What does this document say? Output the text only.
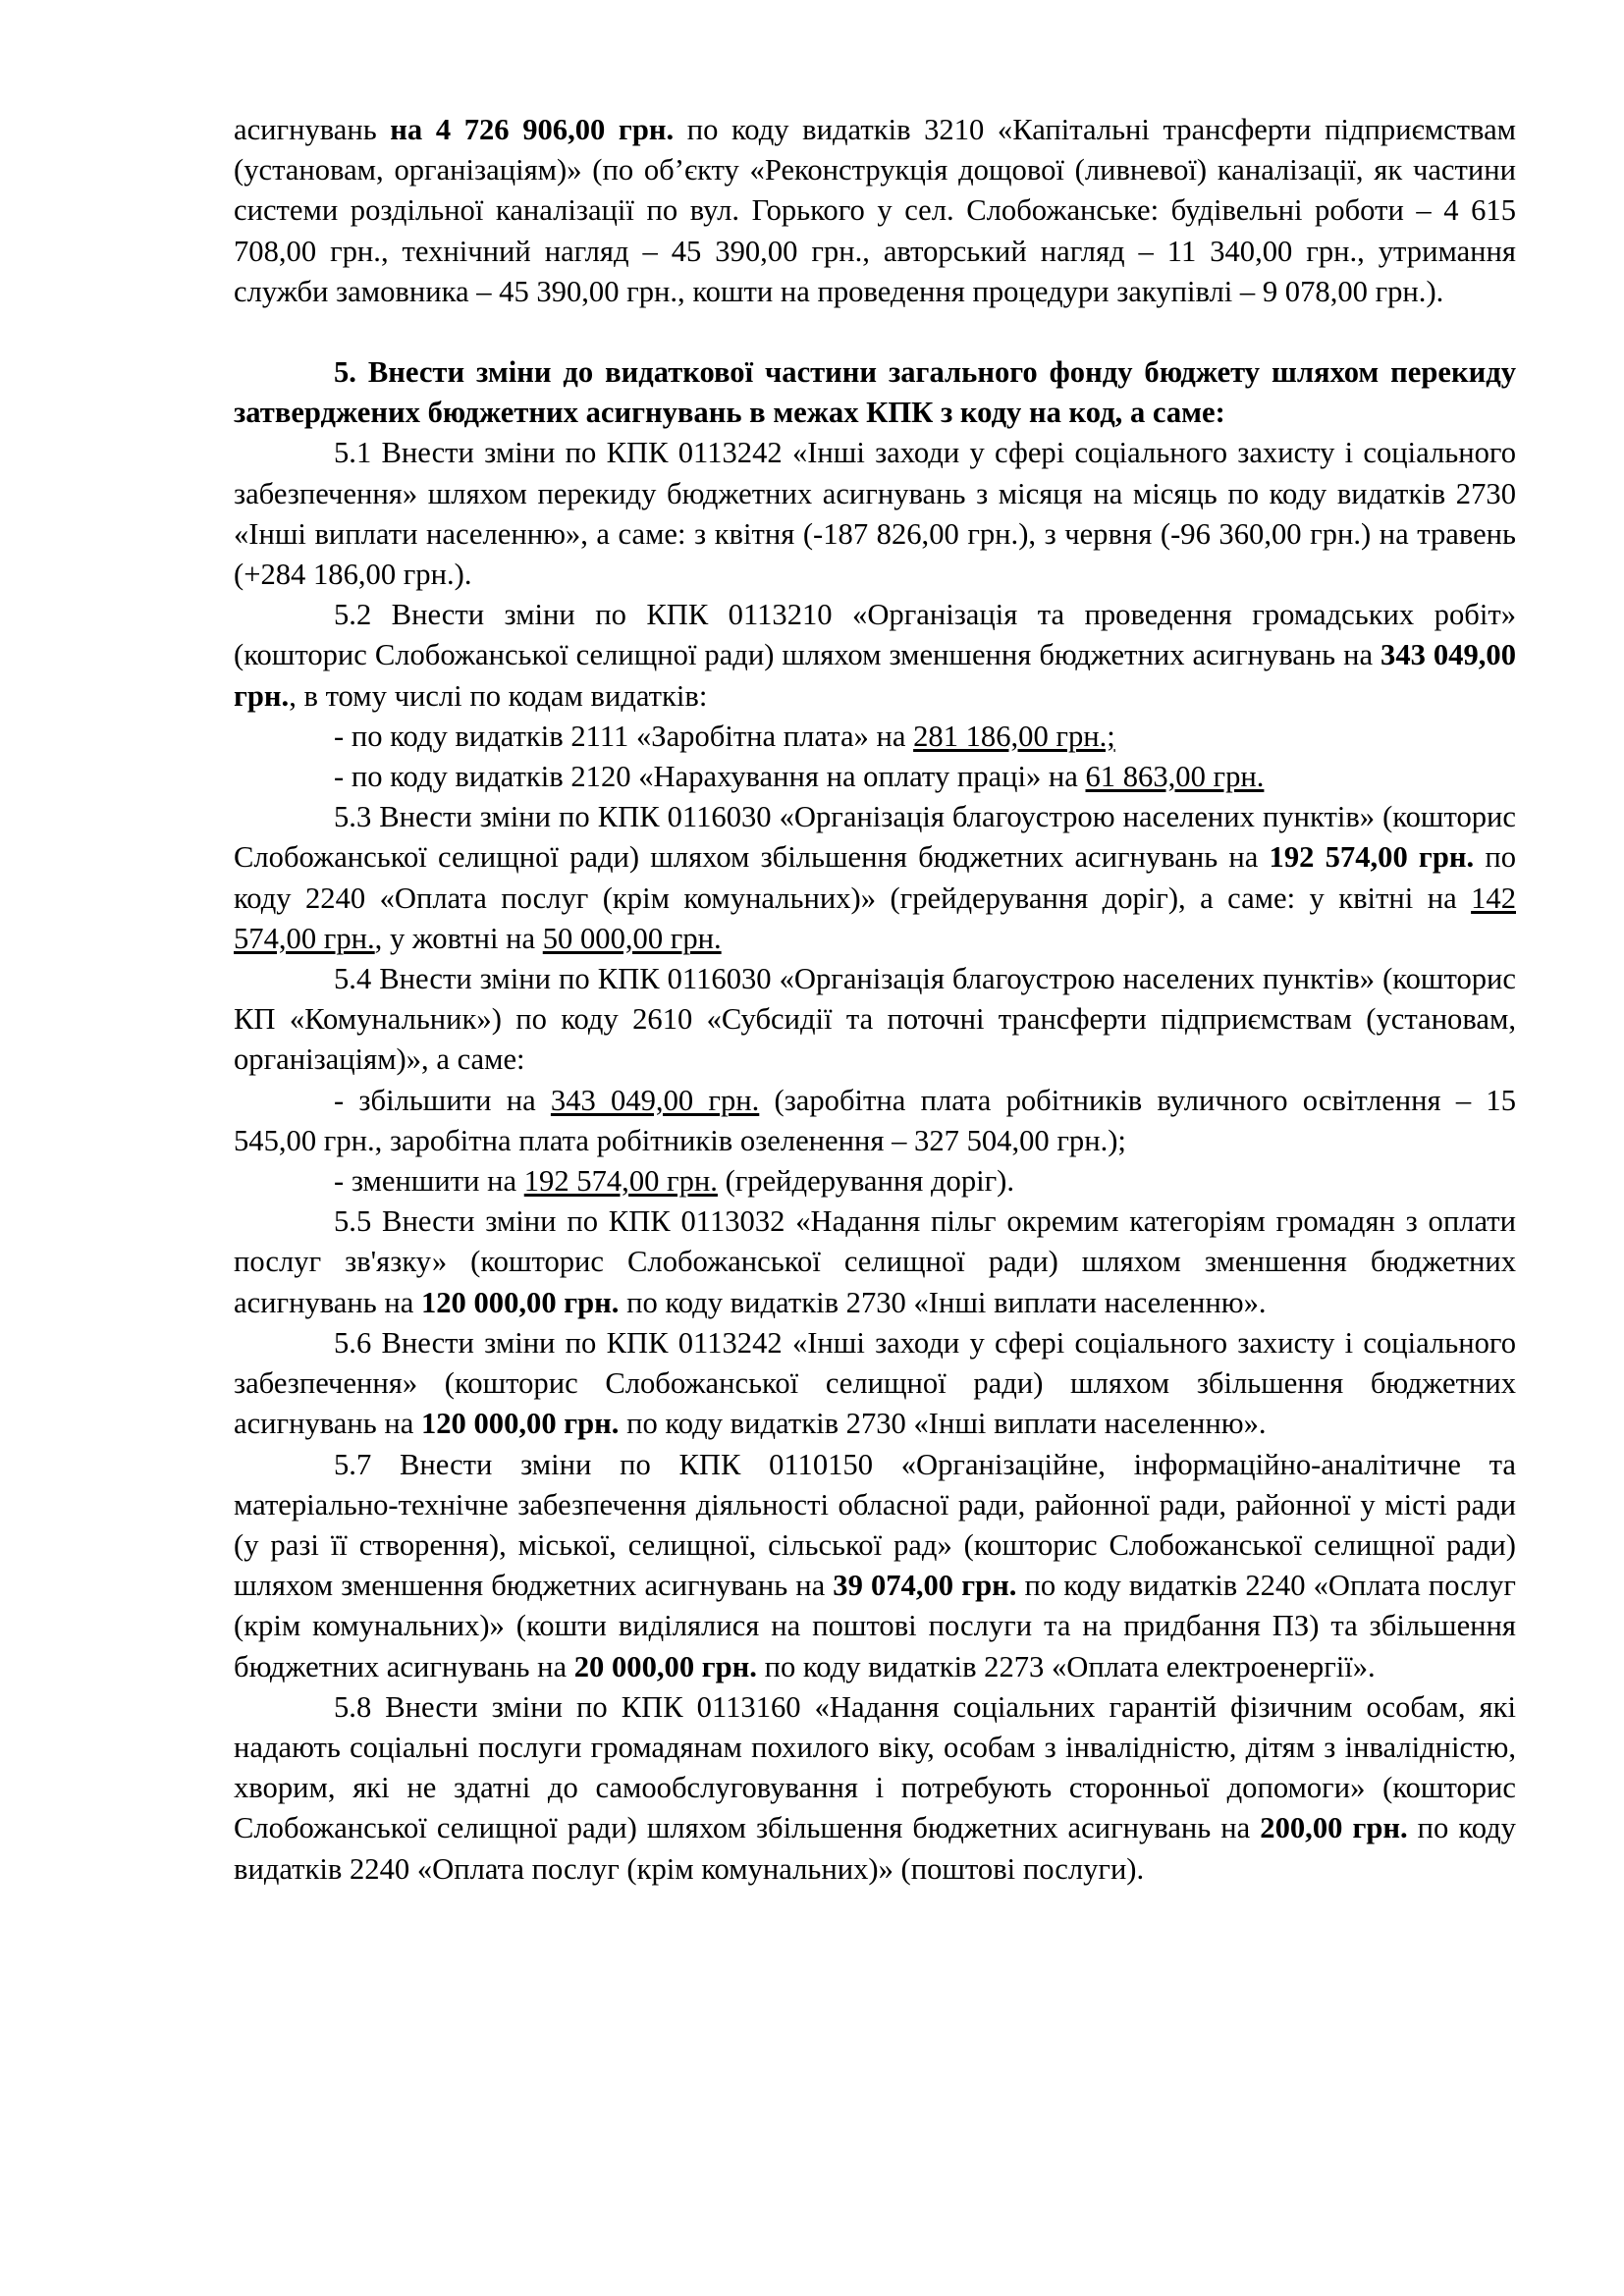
асигнувань на 4 726 906,00 грн. по коду видатків 3210 «Капітальні трансферти підприємствам (установам, організаціям)» (по об’єкту «Реконструкція дощової (ливневої) каналізації, як частини системи роздільної каналізації по вул. Горького у сел. Слобожанське: будівельні роботи – 4 615 708,00 грн., технічний нагляд – 45 390,00 грн., авторський нагляд – 11 340,00 грн., утримання служби замовника – 45 390,00 грн., кошти на проведення процедури закупівлі – 9 078,00 грн.).

5. Внести зміни до видаткової частини загального фонду бюджету шляхом перекиду затверджених бюджетних асигнувань в межах КПК з коду на код, а саме:

5.1 Внести зміни по КПК 0113242 «Інші заходи у сфері соціального захисту і соціального забезпечення» шляхом перекиду бюджетних асигнувань з місяця на місяць по коду видатків 2730 «Інші виплати населенню», а саме: з квітня (-187 826,00 грн.), з червня (-96 360,00 грн.) на травень (+284 186,00 грн.).

5.2 Внести зміни по КПК 0113210 «Організація та проведення громадських робіт» (кошторис Слобожанської селищної ради) шляхом зменшення бюджетних асигнувань на 343 049,00 грн., в тому числі по кодам видатків:

- по коду видатків 2111 «Заробітна плата» на 281 186,00 грн.;

- по коду видатків 2120 «Нарахування на оплату праці» на 61 863,00 грн.

5.3 Внести зміни по КПК 0116030 «Організація благоустрою населених пунктів» (кошторис Слобожанської селищної ради) шляхом збільшення бюджетних асигнувань на 192 574,00 грн. по коду 2240 «Оплата послуг (крім комунальних)» (грейдерування доріг), а саме: у квітні на 142 574,00 грн., у жовтні на 50 000,00 грн.

5.4 Внести зміни по КПК 0116030 «Організація благоустрою населених пунктів» (кошторис КП «Комунальник») по коду 2610 «Субсидії та поточні трансферти підприємствам (установам, організаціям)», а саме:

- збільшити на 343 049,00 грн. (заробітна плата робітників вуличного освітлення – 15 545,00 грн., заробітна плата робітників озеленення – 327 504,00 грн.);

- зменшити на 192 574,00 грн. (грейдерування доріг).

5.5 Внести зміни по КПК 0113032 «Надання пільг окремим категоріям громадян з оплати послуг зв'язку» (кошторис Слобожанської селищної ради) шляхом зменшення бюджетних асигнувань на 120 000,00 грн. по коду видатків 2730 «Інші виплати населенню».

5.6 Внести зміни по КПК 0113242 «Інші заходи у сфері соціального захисту і соціального забезпечення» (кошторис Слобожанської селищної ради) шляхом збільшення бюджетних асигнувань на 120 000,00 грн. по коду видатків 2730 «Інші виплати населенню».

5.7 Внести зміни по КПК 0110150 «Організаційне, інформаційно-аналітичне та матеріально-технічне забезпечення діяльності обласної ради, районної ради, районної у місті ради (у разі її створення), міської, селищної, сільської рад» (кошторис Слобожанської селищної ради) шляхом зменшення бюджетних асигнувань на 39 074,00 грн. по коду видатків 2240 «Оплата послуг (крім комунальних)» (кошти виділялися на поштові послуги та на придбання ПЗ) та збільшення бюджетних асигнувань на 20 000,00 грн. по коду видатків 2273 «Оплата електроенергії».

5.8 Внести зміни по КПК 0113160 «Надання соціальних гарантій фізичним особам, які надають соціальні послуги громадянам похилого віку, особам з інвалідністю, дітям з інвалідністю, хворим, які не здатні до самообслуговування і потребують сторонньої допомоги» (кошторис Слобожанської селищної ради) шляхом збільшення бюджетних асигнувань на 200,00 грн. по коду видатків 2240 «Оплата послуг (крім комунальних)» (поштові послуги).
